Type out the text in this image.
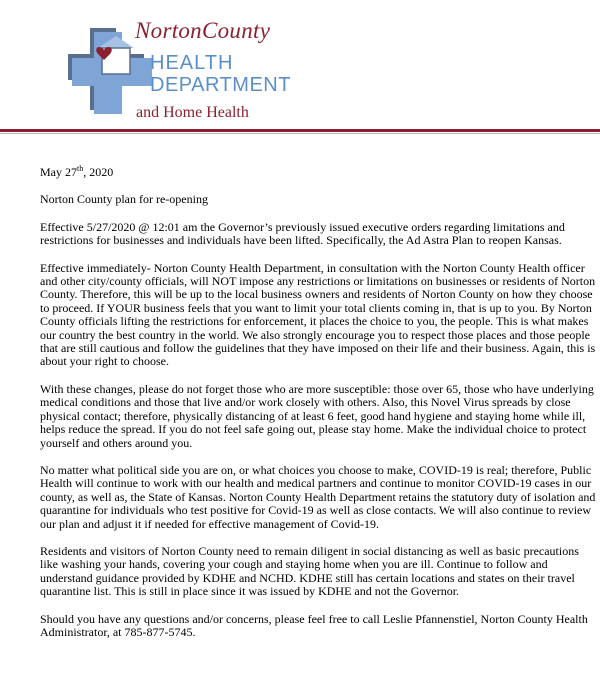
NortonCounty
HEALTH
DEPARTMENT
and Home Health

May 27th, 2020

Norton County plan for re-opening

Effective 5/27/2020 @ 12:01 am the Governor’s previously issued executive orders regarding limitations and restrictions for businesses and individuals have been lifted. Specifically, the Ad Astra Plan to reopen Kansas.

Effective immediately- Norton County Health Department, in consultation with the Norton County Health officer and other city/county officials, will NOT impose any restrictions or limitations on businesses or residents of Norton County. Therefore, this will be up to the local business owners and residents of Norton County on how they choose to proceed. If YOUR business feels that you want to limit your total clients coming in, that is up to you. By Norton County officials lifting the restrictions for enforcement, it places the choice to you, the people. This is what makes our country the best country in the world. We also strongly encourage you to respect those places and those people that are still cautious and follow the guidelines that they have imposed on their life and their business. Again, this is about your right to choose.

With these changes, please do not forget those who are more susceptible: those over 65, those who have underlying medical conditions and those that live and/or work closely with others. Also, this Novel Virus spreads by close physical contact; therefore, physically distancing of at least 6 feet, good hand hygiene and staying home while ill, helps reduce the spread. If you do not feel safe going out, please stay home. Make the individual choice to protect yourself and others around you.

No matter what political side you are on, or what choices you choose to make, COVID-19 is real; therefore, Public Health will continue to work with our health and medical partners and continue to monitor COVID-19 cases in our county, as well as, the State of Kansas. Norton County Health Department retains the statutory duty of isolation and quarantine for individuals who test positive for Covid-19 as well as close contacts. We will also continue to review our plan and adjust it if needed for effective management of Covid-19.

Residents and visitors of Norton County need to remain diligent in social distancing as well as basic precautions like washing your hands, covering your cough and staying home when you are ill. Continue to follow and understand guidance provided by KDHE and NCHD. KDHE still has certain locations and states on their travel quarantine list. This is still in place since it was issued by KDHE and not the Governor.

Should you have any questions and/or concerns, please feel free to call Leslie Pfannenstiel, Norton County Health Administrator, at 785-877-5745.
